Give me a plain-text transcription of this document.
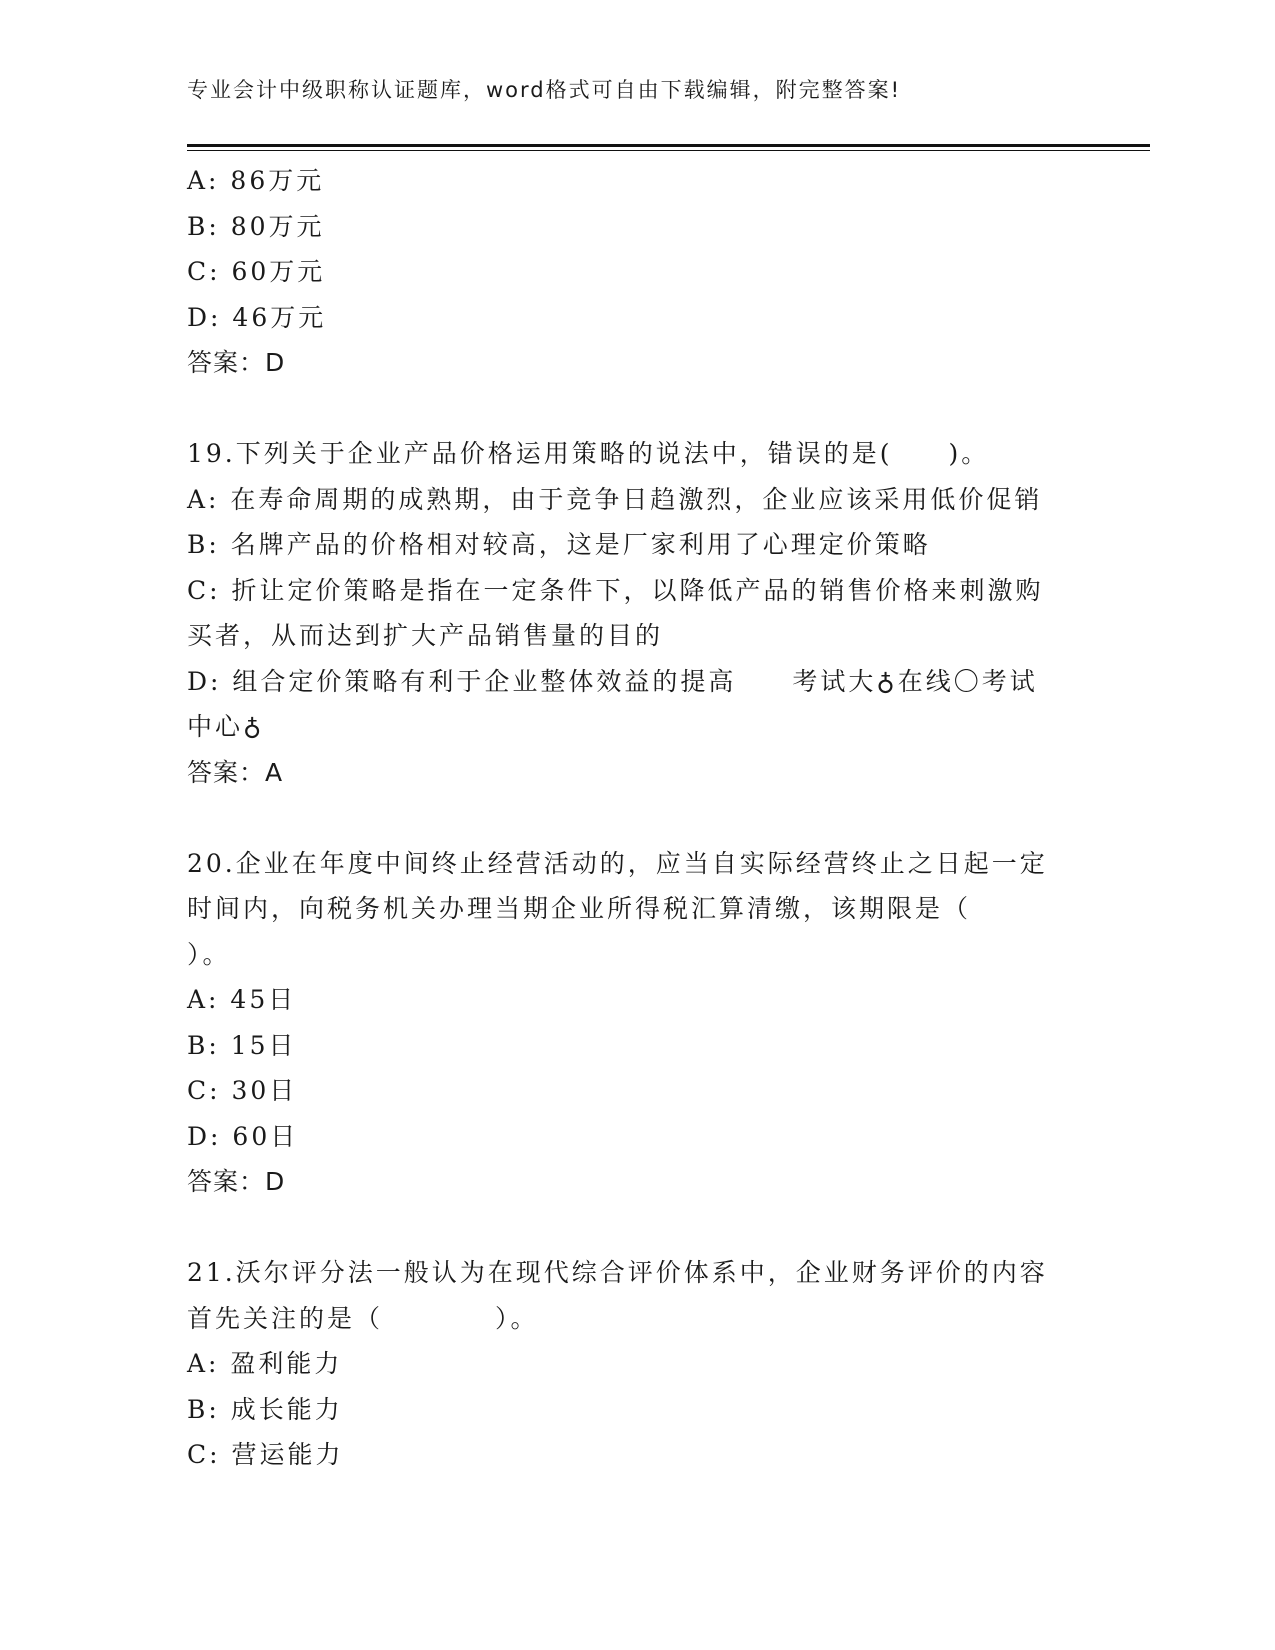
专业会计中级职称认证题库，word格式可自由下载编辑，附完整答案!
A: 86万元
B: 80万元
C: 60万元
D: 46万元
答案：D
19.下列关于企业产品价格运用策略的说法中，错误的是(　　)。
A: 在寿命周期的成熟期，由于竞争日趋激烈，企业应该采用低价促销
B: 名牌产品的价格相对较高，这是厂家利用了心理定价策略
C: 折让定价策略是指在一定条件下，以降低产品的销售价格来刺激购
买者，从而达到扩大产品销售量的目的
D: 组合定价策略有利于企业整体效益的提高　　考试大♁在线〇考试
中心♁
答案：A
20.企业在年度中间终止经营活动的，应当自实际经营终止之日起一定
时间内，向税务机关办理当期企业所得税汇算清缴，该期限是（
）。
A: 45日
B: 15日
C: 30日
D: 60日
答案：D
21.沃尔评分法一般认为在现代综合评价体系中，企业财务评价的内容
首先关注的是（　　　　）。
A: 盈利能力
B: 成长能力
C: 营运能力
